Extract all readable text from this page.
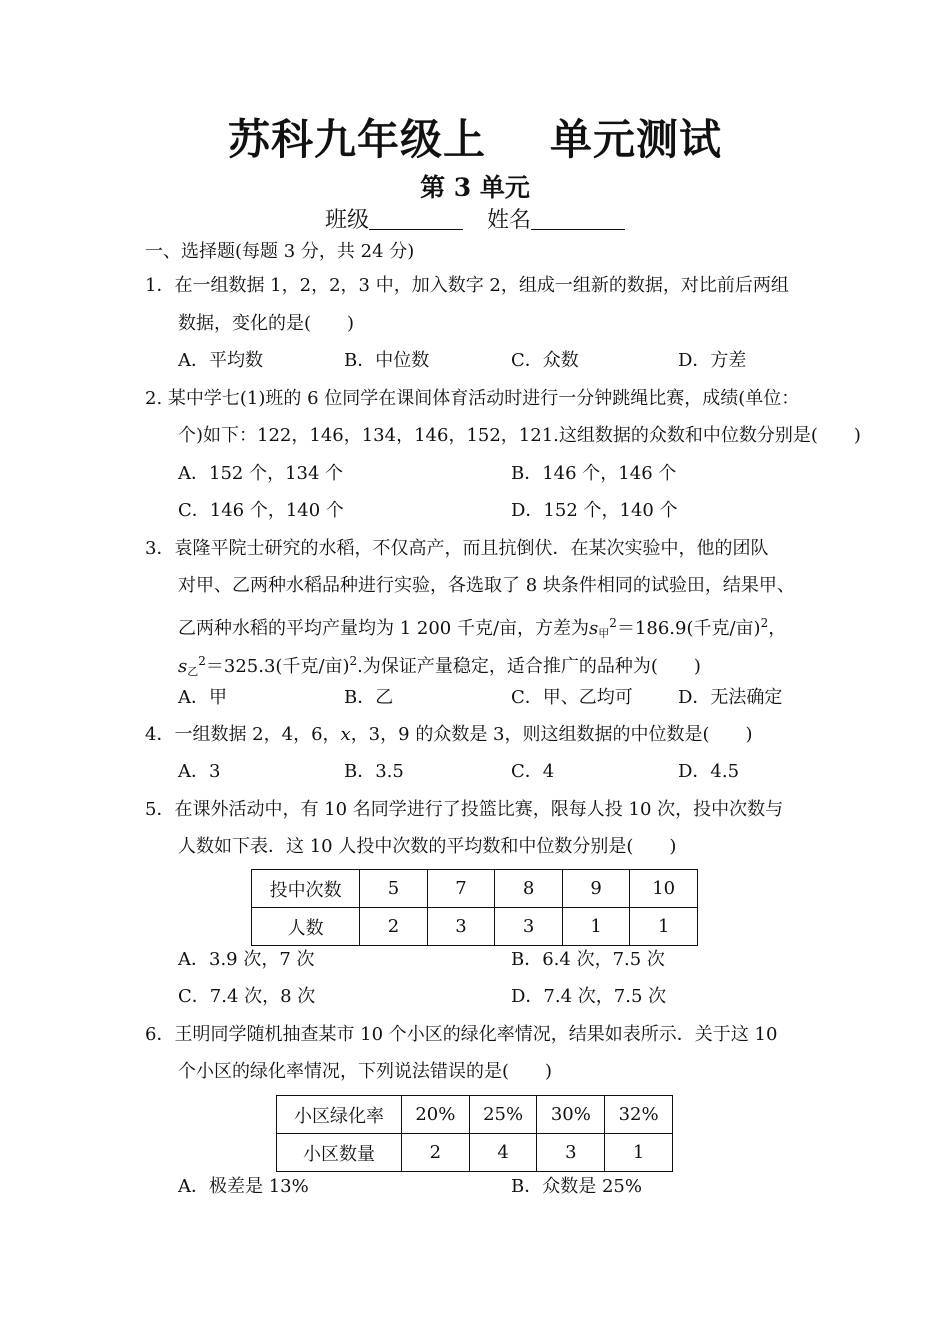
苏科九年级上 单元测试
第 3 单元
班级	姓名
一、选择题(每题 3 分，共 24 分)
1．在一组数据 1，2，2，3 中，加入数字 2，组成一组新的数据，对比前后两组
数据，变化的是(　　)
A．平均数	B．中位数	C．众数	D．方差
2. 某中学七(1)班的 6 位同学在课间体育活动时进行一分钟跳绳比赛，成绩(单位：
个)如下：122，146，134，146，152，121.这组数据的众数和中位数分别是(　　)
A．152 个，134 个	B．146 个，146 个
C．146 个，140 个	D．152 个，140 个
3．袁隆平院士研究的水稻，不仅高产，而且抗倒伏．在某次实验中，他的团队
对甲、乙两种水稻品种进行实验，各选取了 8 块条件相同的试验田，结果甲、
乙两种水稻的平均产量均为 1 200 千克/亩，方差为$s_甲^2=186.9$(千克/亩)$^2$，
$s_乙^2=325.3$(千克/亩)$^2$.为保证产量稳定，适合推广的品种为(　　)
A．甲	B．乙	C．甲、乙均可	D．无法确定
4．一组数据 2，4，6，x，3，9 的众数是 3，则这组数据的中位数是(　　)
A．3	B．3.5	C．4	D．4.5
5．在课外活动中，有 10 名同学进行了投篮比赛，限每人投 10 次，投中次数与
人数如下表．这 10 人投中次数的平均数和中位数分别是(　　)
投中次数	5	7	8	9	10
人数	2	3	3	1	1
A．3.9 次，7 次	B．6.4 次，7.5 次
C．7.4 次，8 次	D．7.4 次，7.5 次
6．王明同学随机抽查某市 10 个小区的绿化率情况，结果如表所示．关于这 10
个小区的绿化率情况，下列说法错误的是(　　)
小区绿化率	20%	25%	30%	32%
小区数量	2	4	3	1
A．极差是 13%	B．众数是 25%
